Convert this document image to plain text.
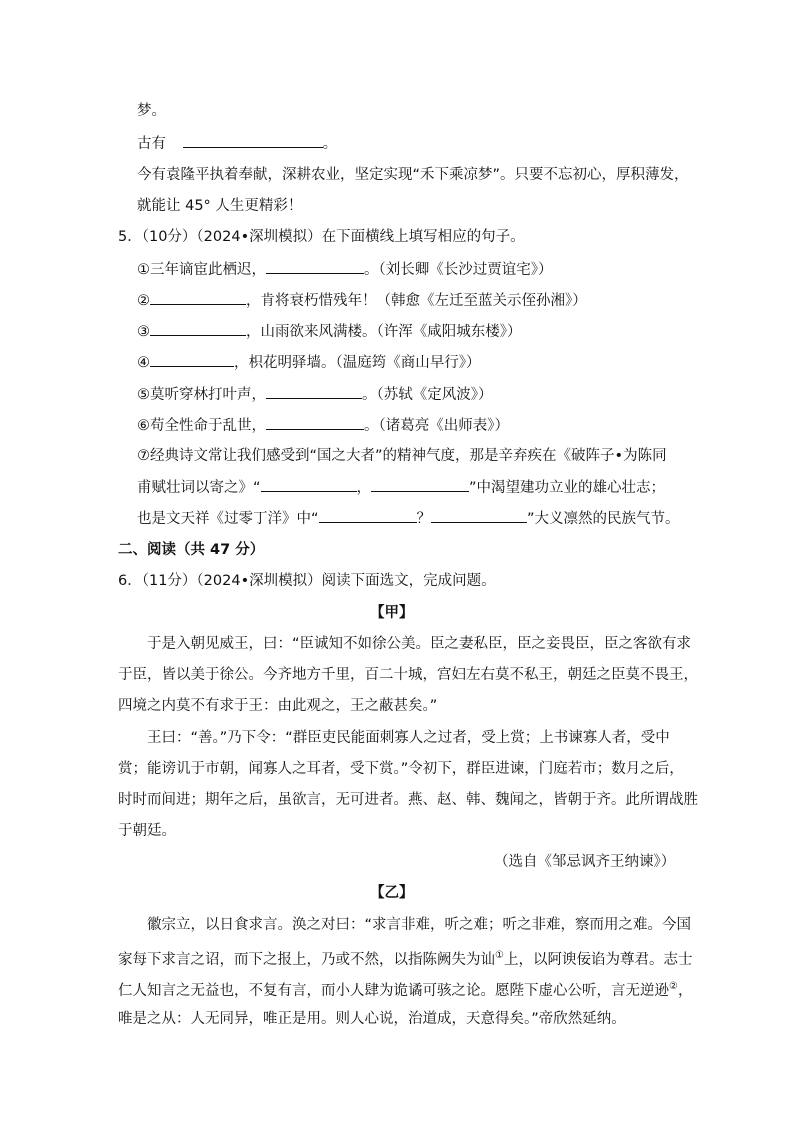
梦。
古有	。
今有袁隆平执着奉献，深耕农业，坚定实现“禾下乘凉梦”。只要不忘初心，厚积薄发，
就能让 45° 人生更精彩！
5．（10分）（2024•深圳模拟）在下面横线上填写相应的句子。
①三年谪宦此栖迟，	。（刘长卿《长沙过贾谊宅》）
②	，肯将衰朽惜残年！（韩愈《左迁至蓝关示侄孙湘》）
③	，山雨欲来风满楼。（许浑《咸阳城东楼》）
④	，枳花明驿墙。（温庭筠《商山早行》）
⑤莫听穿林打叶声，	。（苏轼《定风波》）
⑥苟全性命于乱世，	。（诸葛亮《出师表》）
⑦经典诗文常让我们感受到“国之大者”的精神气度，那是辛弃疾在《破阵子•为陈同
甫赋壮词以寄之》“	，	”中渴望建功立业的雄心壮志；
也是文天祥《过零丁洋》中“	？	”大义凛然的民族气节。
二、阅读（共 47 分）
6．（11分）（2024•深圳模拟）阅读下面选文，完成问题。
【甲】
于是入朝见威王，曰：“臣诚知不如徐公美。臣之妻私臣，臣之妾畏臣，臣之客欲有求
于臣，皆以美于徐公。今齐地方千里，百二十城，宫妇左右莫不私王，朝廷之臣莫不畏王，
四境之内莫不有求于王：由此观之，王之蔽甚矣。”
王曰：“善。”乃下令：“群臣吏民能面刺寡人之过者，受上赏；上书谏寡人者，受中
赏；能谤讥于市朝，闻寡人之耳者，受下赏。”令初下，群臣进谏，门庭若市；数月之后，
时时而间进；期年之后，虽欲言，无可进者。燕、赵、韩、魏闻之，皆朝于齐。此所谓战胜
于朝廷。
（选自《邹忌讽齐王纳谏》）
【乙】
徽宗立，以日食求言。涣之对曰：“求言非难，听之难；听之非难，察而用之难。今国
家每下求言之诏，而下之报上，乃或不然，以指陈阙失为讪①上，以阿谀佞谄为尊君。志士
仁人知言之无益也，不复有言，而小人肆为诡谲可骇之论。愿陛下虚心公听，言无逆逊②，
唯是之从：人无同异，唯正是用。则人心说，治道成，天意得矣。”帝欣然延纳。
